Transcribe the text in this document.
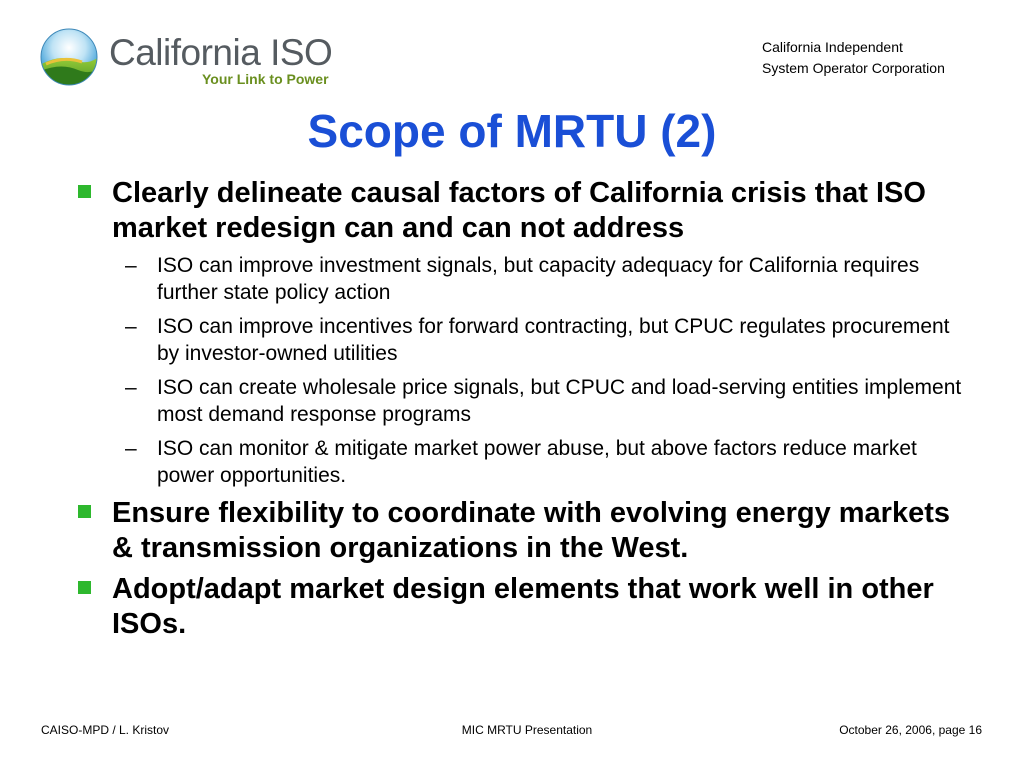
California ISO
Your Link to Power
California Independent
System Operator Corporation
Scope of MRTU (2)
Clearly delineate causal factors of California crisis that ISO market redesign can and can not address
– ISO can improve investment signals, but capacity adequacy for California requires further state policy action
– ISO can improve incentives for forward contracting, but CPUC regulates procurement by investor-owned utilities
– ISO can create wholesale price signals, but CPUC and load-serving entities implement most demand response programs
– ISO can monitor & mitigate market power abuse, but above factors reduce market power opportunities.
Ensure flexibility to coordinate with evolving energy markets & transmission organizations in the West.
Adopt/adapt market design elements that work well in other ISOs.
CAISO-MPD / L. Kristov	MIC MRTU Presentation	October 26, 2006, page 16
